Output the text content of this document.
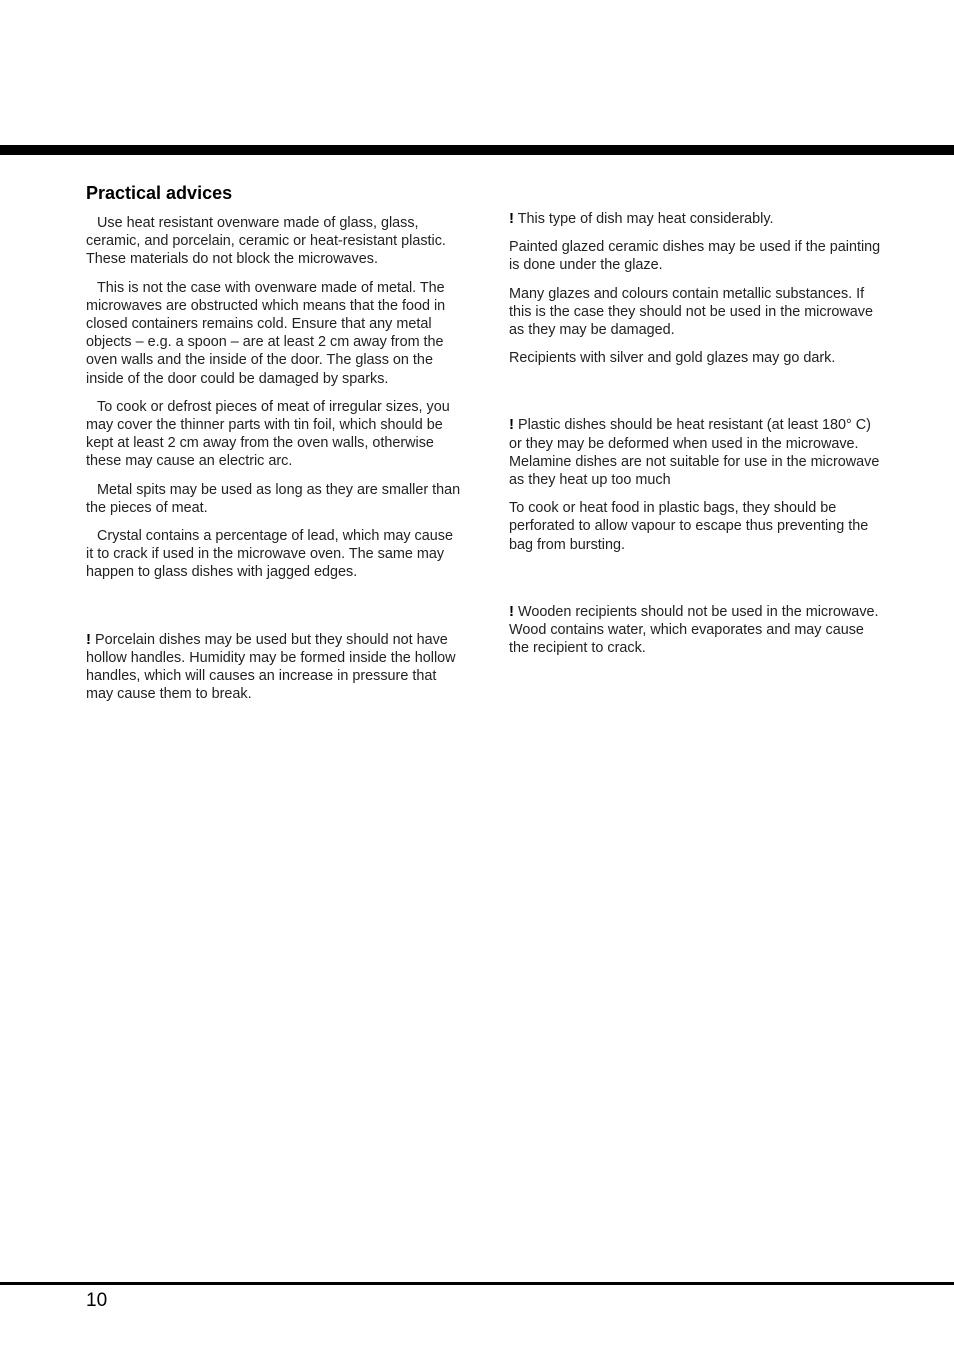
Practical advices

Use heat resistant ovenware made of glass, glass, ceramic, and porcelain, ceramic or heat-resistant plastic. These materials do not block the microwaves.

This is not the case with ovenware made of metal. The microwaves are obstructed which means that the food in closed containers remains cold. Ensure that any metal objects – e.g. a spoon – are at least 2 cm away from the oven walls and the inside of the door. The glass on the inside of the door could be damaged by sparks.

To cook or defrost pieces of meat of irregular sizes, you may cover the thinner parts with tin foil, which should be kept at least 2 cm away from the oven walls, otherwise these may cause an electric arc.

Metal spits may be used as long as they are smaller than the pieces of meat.

Crystal contains a percentage of lead, which may cause it to crack if used in the microwave oven. The same may happen to glass dishes with jagged edges.

! Porcelain dishes may be used but they should not have hollow handles. Humidity may be formed inside the hollow handles, which will causes an increase in pressure that may cause them to break.

! This type of dish may heat considerably.

Painted glazed ceramic dishes may be used if the painting is done under the glaze.

Many glazes and colours contain metallic substances. If this is the case they should not be used in the microwave as they may be damaged.

Recipients with silver and gold glazes may go dark.

! Plastic dishes should be heat resistant (at least 180° C) or they may be deformed when used in the microwave. Melamine dishes are not suitable for use in the microwave as they heat up too much

To cook or heat food in plastic bags, they should be perforated to allow vapour to escape thus preventing the bag from bursting.

! Wooden recipients should not be used in the microwave. Wood contains water, which evaporates and may cause the recipient to crack.

10
